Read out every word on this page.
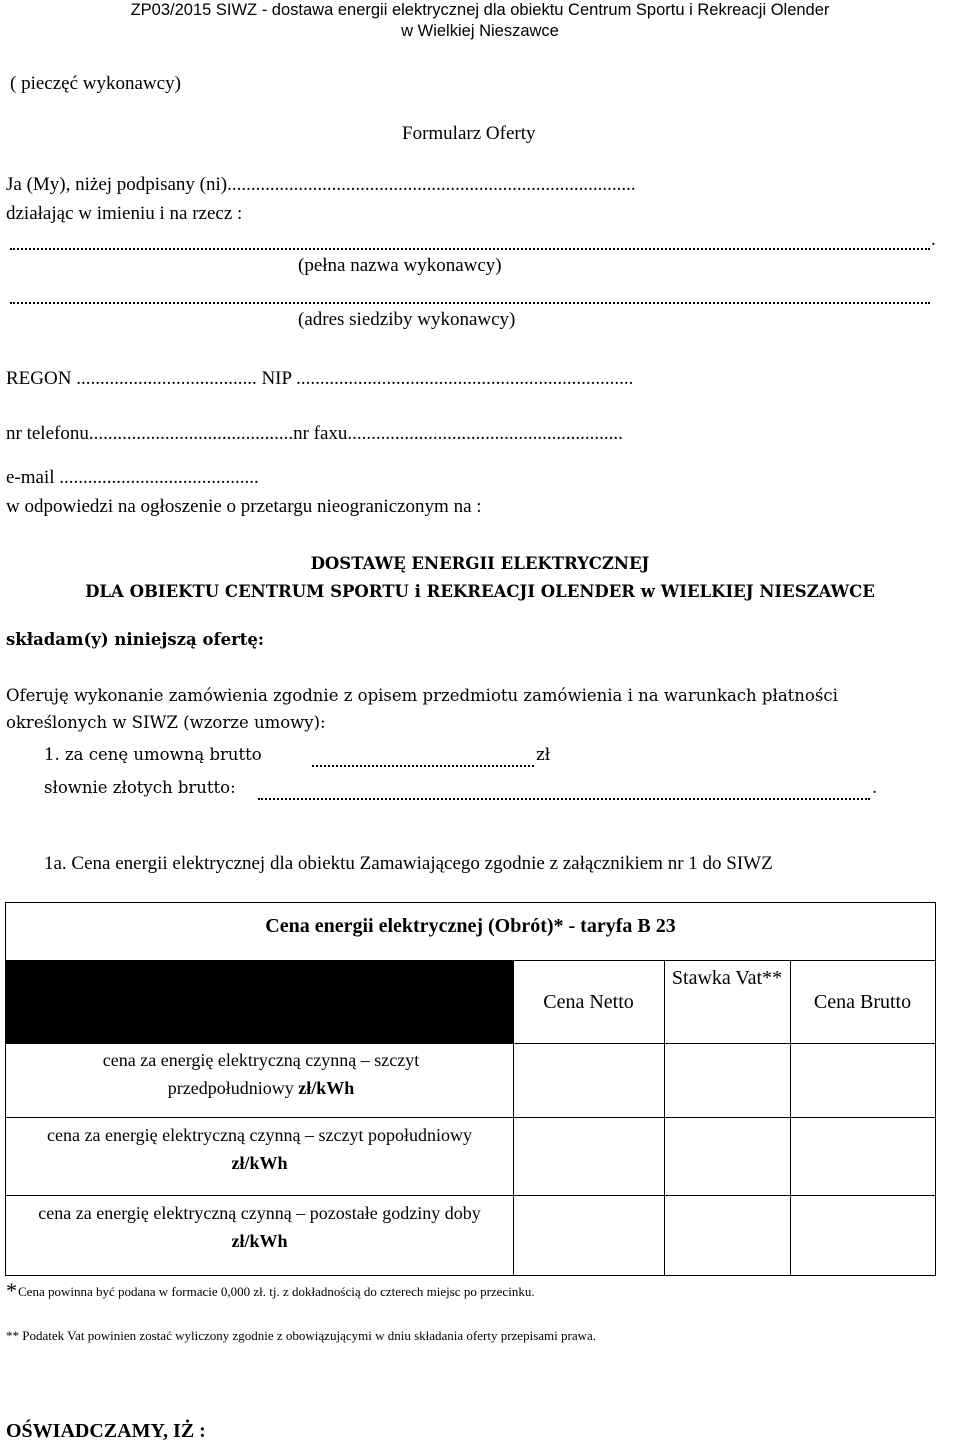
ZP03/2015 SIWZ - dostawa energii elektrycznej dla obiektu Centrum Sportu i Rekreacji Olender
w Wielkiej Nieszawce
( pieczęć wykonawcy)
Formularz Oferty
Ja (My), niżej podpisany (ni)......................................................................................
działając w imieniu i na rzecz :
.
(pełna nazwa wykonawcy)
(adres siedziby wykonawcy)
REGON ...................................... NIP .......................................................................
nr telefonu...........................................nr faxu..........................................................
e-mail ..........................................
w odpowiedzi na ogłoszenie o przetargu nieograniczonym na :
DOSTAWĘ ENERGII ELEKTRYCZNEJ
DLA OBIEKTU CENTRUM SPORTU i REKREACJI OLENDER w WIELKIEJ NIESZAWCE
składam(y) niniejszą ofertę:
Oferuję wykonanie zamówienia zgodnie z opisem przedmiotu zamówienia i na warunkach płatności
określonych w SIWZ (wzorze umowy):
1. za cenę umowną brutto	zł
słownie złotych brutto:	.
1a. Cena energii elektrycznej dla obiektu Zamawiającego zgodnie z załącznikiem nr 1 do SIWZ
Cena energii elektrycznej (Obrót)* - taryfa B 23
Cena Netto
Stawka Vat**
Cena Brutto
cena za energię elektryczną czynną – szczyt przedpołudniowy zł/kWh
cena za energię elektryczną czynną – szczyt popołudniowy
zł/kWh
cena za energię elektryczną czynną – pozostałe godziny doby zł/kWh
* Cena powinna być podana w formacie 0,000 zł. tj. z dokładnością do czterech miejsc po przecinku.
** Podatek Vat powinien zostać wyliczony zgodnie z obowiązującymi w dniu składania oferty przepisami prawa.
OŚWIADCZAMY, IŻ :
